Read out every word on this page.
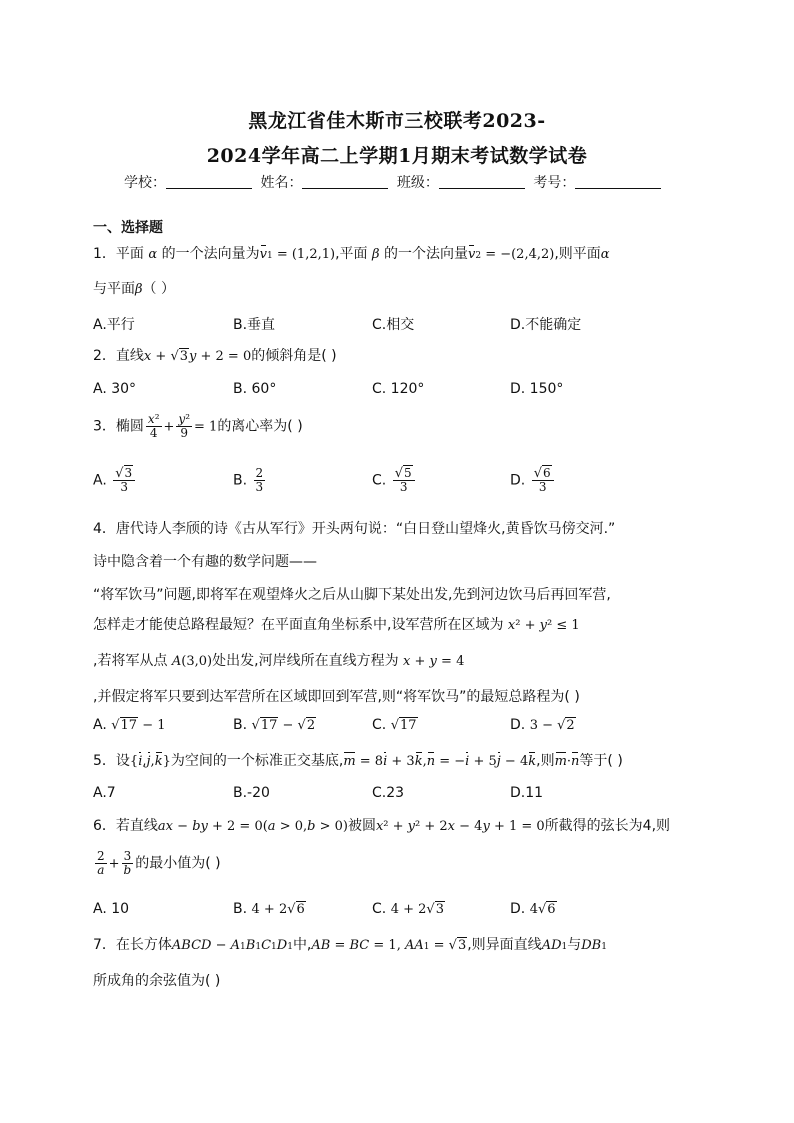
黑龙江省佳木斯市三校联考2023-
2024学年高二上学期1月期末考试数学试卷
学校：	姓名：	班级：	考号：
一、选择题
1．平面 α 的一个法向量为v1 = (1,2,1),平面 β 的一个法向量v2 = −(2,4,2),则平面α
与平面β（ ）
A.平行	B.垂直	C.相交	D.不能确定
2．直线x + √3y + 2 = 0的倾斜角是( )
A. 30°	B. 60°	C. 120°	D. 150°
3．椭圆 $\frac{\text{x²}}{4} + \frac{\text{y²}}{9} = 1$的离心率为( )
A. $\frac{√3}{3}$	B. $\frac{2}{3}$	C. $\frac{√5}{3}$	D. $\frac{√6}{3}$
4．唐代诗人李颀的诗《古从军行》开头两句说：“白日登山望烽火,黄昏饮马傍交河.”
诗中隐含着一个有趣的数学问题——
“将军饮马”问题,即将军在观望烽火之后从山脚下某处出发,先到河边饮马后再回军营,
怎样走才能使总路程最短？在平面直角坐标系中,设军营所在区域为 x² + y² ≤ 1
,若将军从点 A(3,0)处出发,河岸线所在直线方程为 x + y = 4
,并假定将军只要到达军营所在区域即回到军营,则“将军饮马”的最短总路程为( )
A. √17 − 1	B. √17 − √2	C. √17	D. 3 − √2
5．设{i,j,k}为空间的一个标准正交基底,m = 8i + 3k,n = −i + 5j − 4k,则m·n等于( )
A.7	B.-20	C.23	D.11
6．若直线ax − by + 2 = 0(a > 0,b > 0)被圆x² + y² + 2x − 4y + 1 = 0所截得的弦长为4,则
$\frac{2}{a} + \frac{3}{b}$ 的最小值为( )
A. 10	B. 4 + 2√6	C. 4 + 2√3	D. 4√6
7．在长方体ABCD − A1B1C1D1中,AB = BC = 1, AA1 = √3,则异面直线AD1与DB1
所成角的余弦值为( )
